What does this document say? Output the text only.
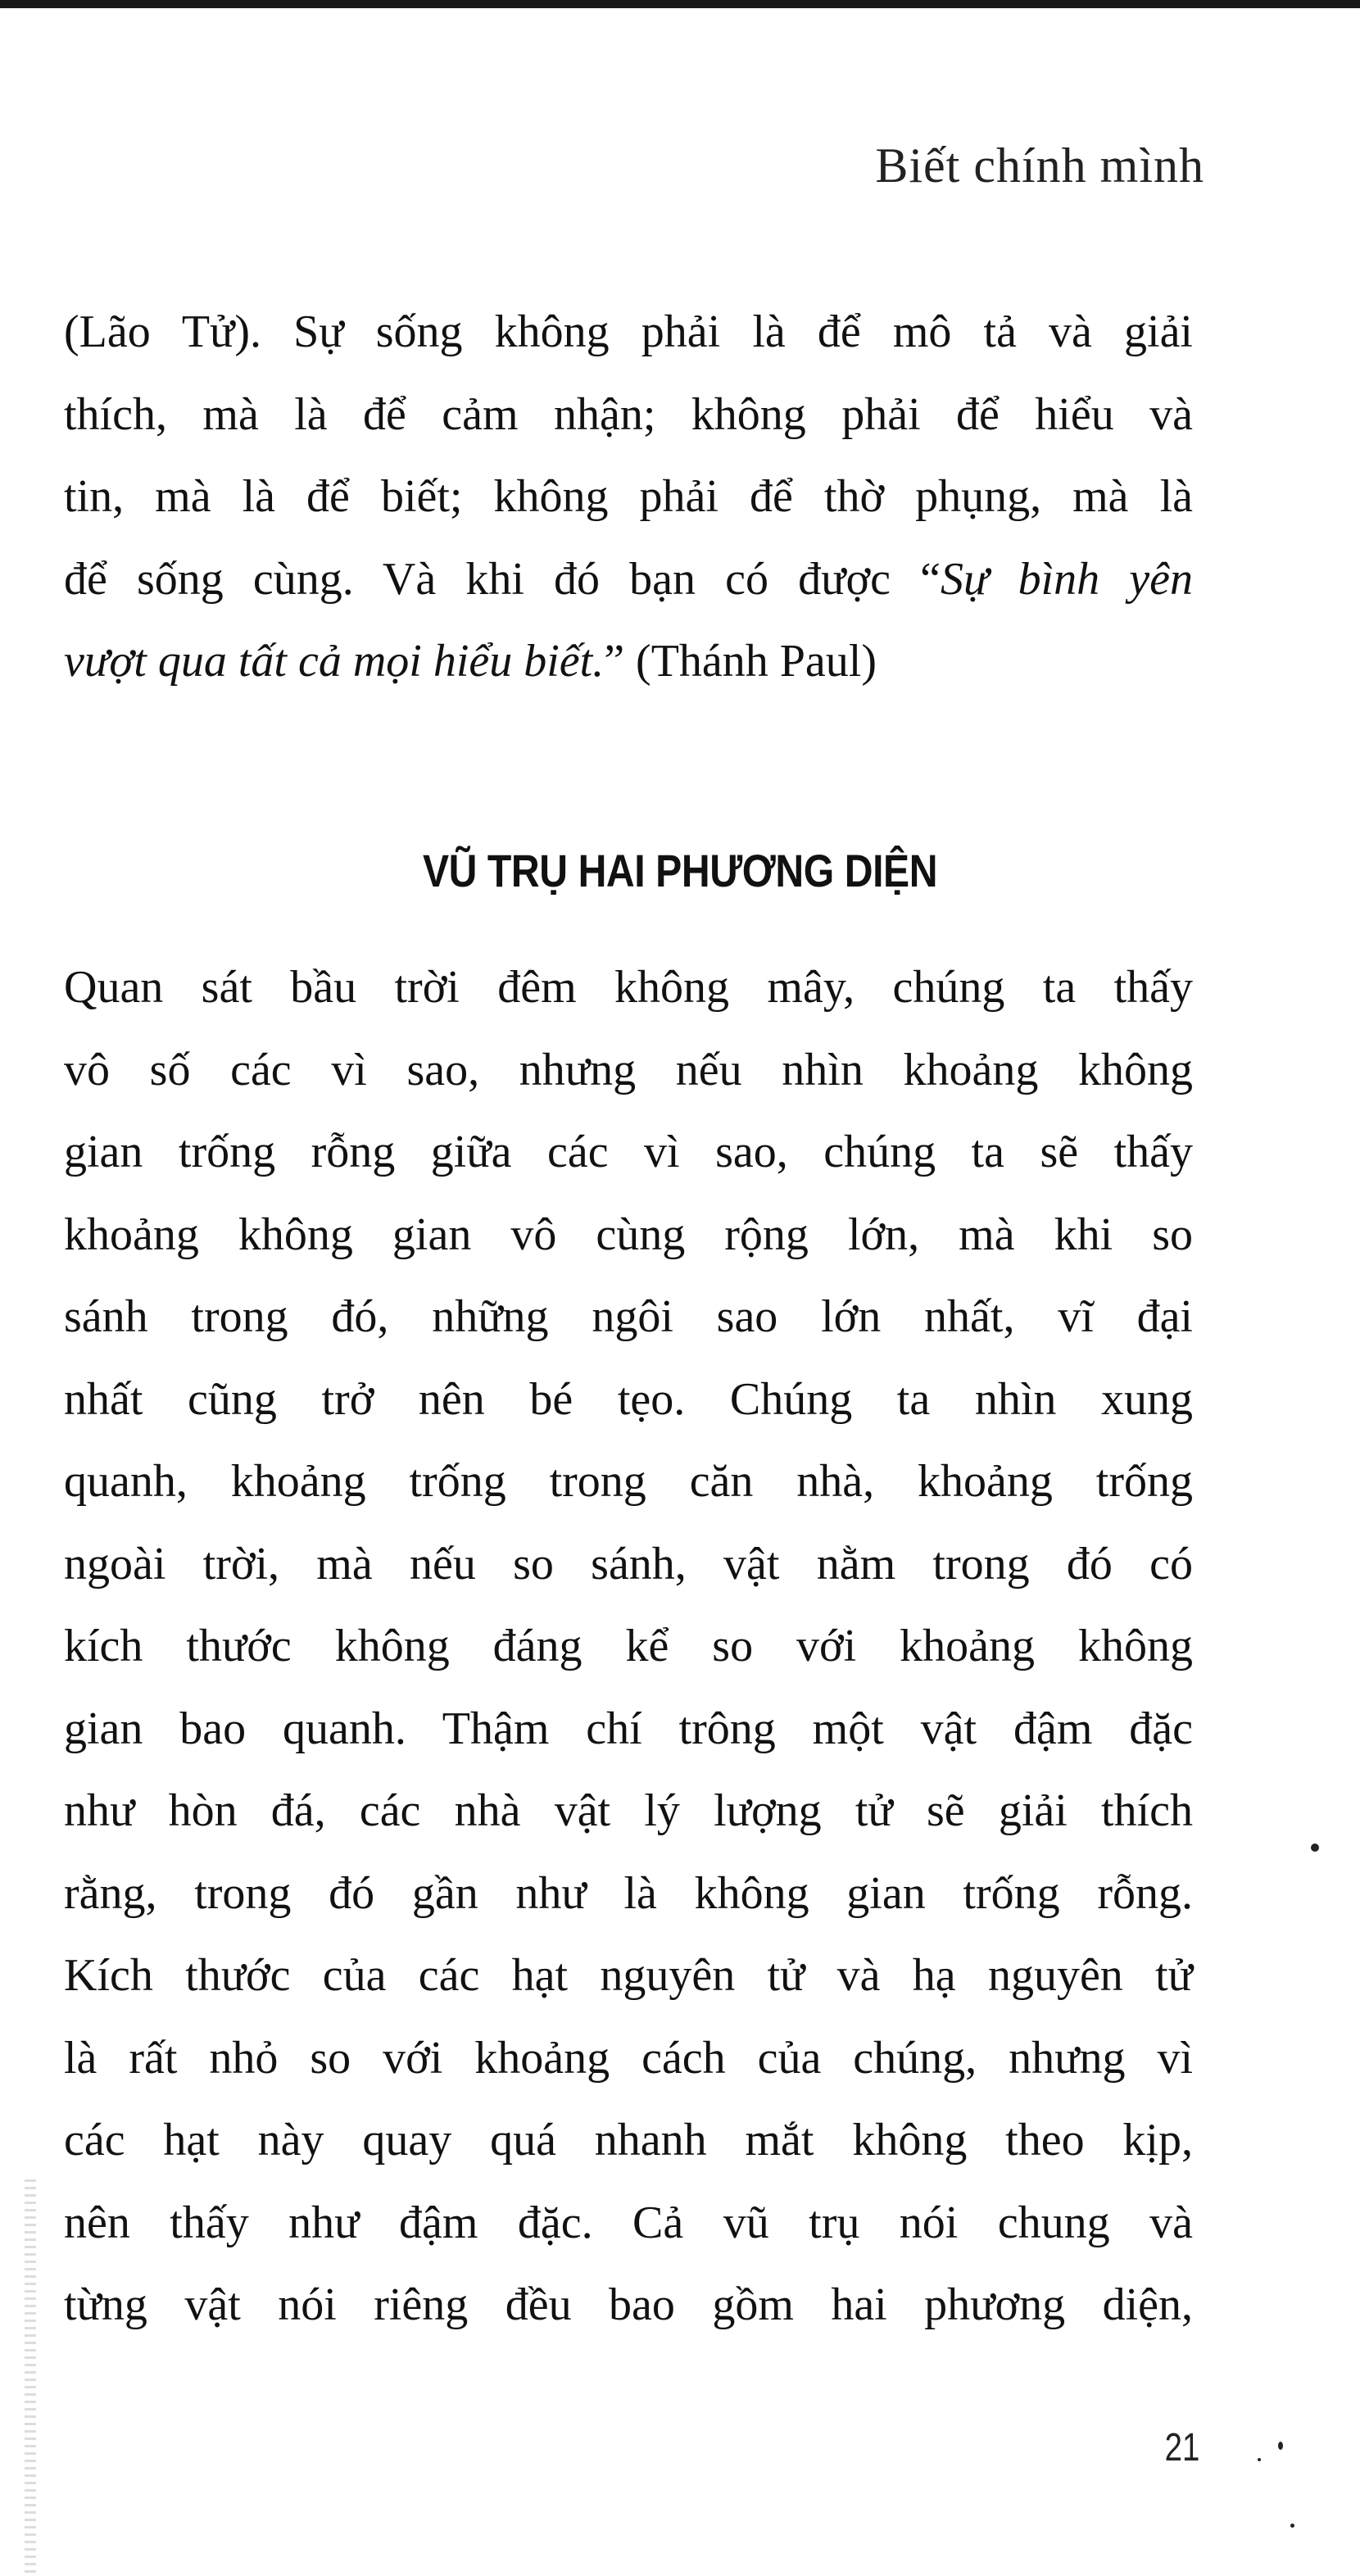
Biết chính mình
(Lão Tử). Sự sống không phải là để mô tả và giải
thích, mà là để cảm nhận; không phải để hiểu và
tin, mà là để biết; không phải để thờ phụng, mà là
để sống cùng. Và khi đó bạn có được “Sự bình yên
vượt qua tất cả mọi hiểu biết.” (Thánh Paul)
VŨ TRỤ HAI PHƯƠNG DIỆN
Quan sát bầu trời đêm không mây, chúng ta thấy
vô số các vì sao, nhưng nếu nhìn khoảng không
gian trống rỗng giữa các vì sao, chúng ta sẽ thấy
khoảng không gian vô cùng rộng lớn, mà khi so
sánh trong đó, những ngôi sao lớn nhất, vĩ đại
nhất cũng trở nên bé tẹo. Chúng ta nhìn xung
quanh, khoảng trống trong căn nhà, khoảng trống
ngoài trời, mà nếu so sánh, vật nằm trong đó có
kích thước không đáng kể so với khoảng không
gian bao quanh. Thậm chí trông một vật đậm đặc
như hòn đá, các nhà vật lý lượng tử sẽ giải thích
rằng, trong đó gần như là không gian trống rỗng.
Kích thước của các hạt nguyên tử và hạ nguyên tử
là rất nhỏ so với khoảng cách của chúng, nhưng vì
các hạt này quay quá nhanh mắt không theo kịp,
nên thấy như đậm đặc. Cả vũ trụ nói chung và
từng vật nói riêng đều bao gồm hai phương diện,
21
